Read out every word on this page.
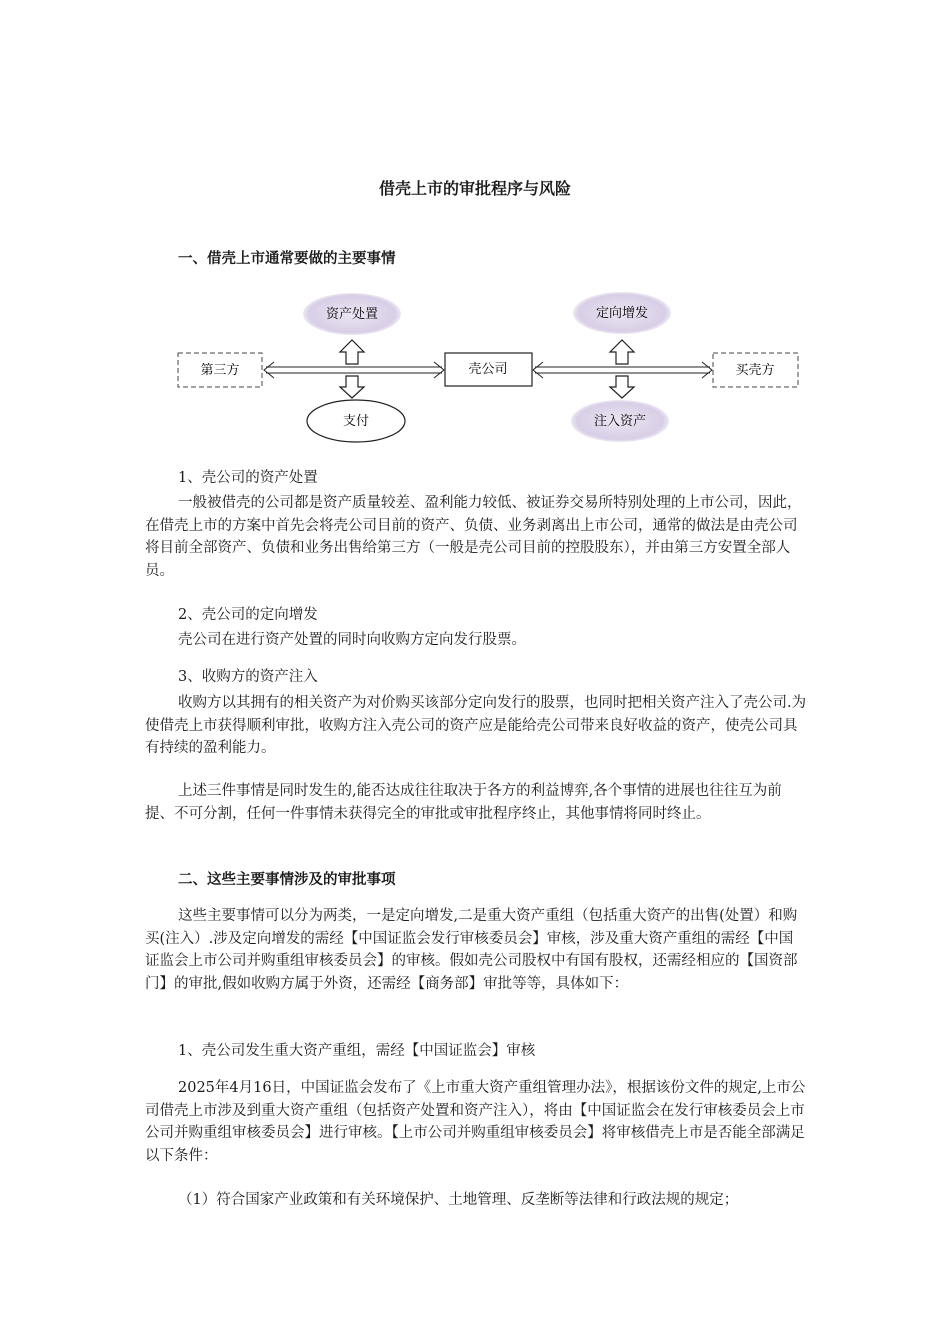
借壳上市的审批程序与风险
一、借壳上市通常要做的主要事情
第三方	壳公司	买壳方
资产处置
支付
定向增发
注入资产
1、壳公司的资产处置
一般被借壳的公司都是资产质量较差、盈利能力较低、被证券交易所特别处理的上市公司，因此，在借壳上市的方案中首先会将壳公司目前的资产、负债、业务剥离出上市公司，通常的做法是由壳公司将目前全部资产、负债和业务出售给第三方（一般是壳公司目前的控股股东），并由第三方安置全部人员。
2、壳公司的定向增发
壳公司在进行资产处置的同时向收购方定向发行股票。
3、收购方的资产注入
收购方以其拥有的相关资产为对价购买该部分定向发行的股票，也同时把相关资产注入了壳公司.为使借壳上市获得顺利审批，收购方注入壳公司的资产应是能给壳公司带来良好收益的资产，使壳公司具有持续的盈利能力。
上述三件事情是同时发生的,能否达成往往取决于各方的利益博弈,各个事情的进展也往往互为前提、不可分割，任何一件事情未获得完全的审批或审批程序终止，其他事情将同时终止。
二、这些主要事情涉及的审批事项
这些主要事情可以分为两类，一是定向增发,二是重大资产重组（包括重大资产的出售(处置）和购买(注入）.涉及定向增发的需经【中国证监会发行审核委员会】审核，涉及重大资产重组的需经【中国证监会上市公司并购重组审核委员会】的审核。假如壳公司股权中有国有股权，还需经相应的【国资部门】的审批,假如收购方属于外资，还需经【商务部】审批等等，具体如下：
1、壳公司发生重大资产重组，需经【中国证监会】审核
2025年4月16日，中国证监会发布了《上市重大资产重组管理办法》，根据该份文件的规定,上市公司借壳上市涉及到重大资产重组（包括资产处置和资产注入），将由【中国证监会在发行审核委员会上市公司并购重组审核委员会】进行审核。【上市公司并购重组审核委员会】将审核借壳上市是否能全部满足以下条件：
（1）符合国家产业政策和有关环境保护、土地管理、反垄断等法律和行政法规的规定；
